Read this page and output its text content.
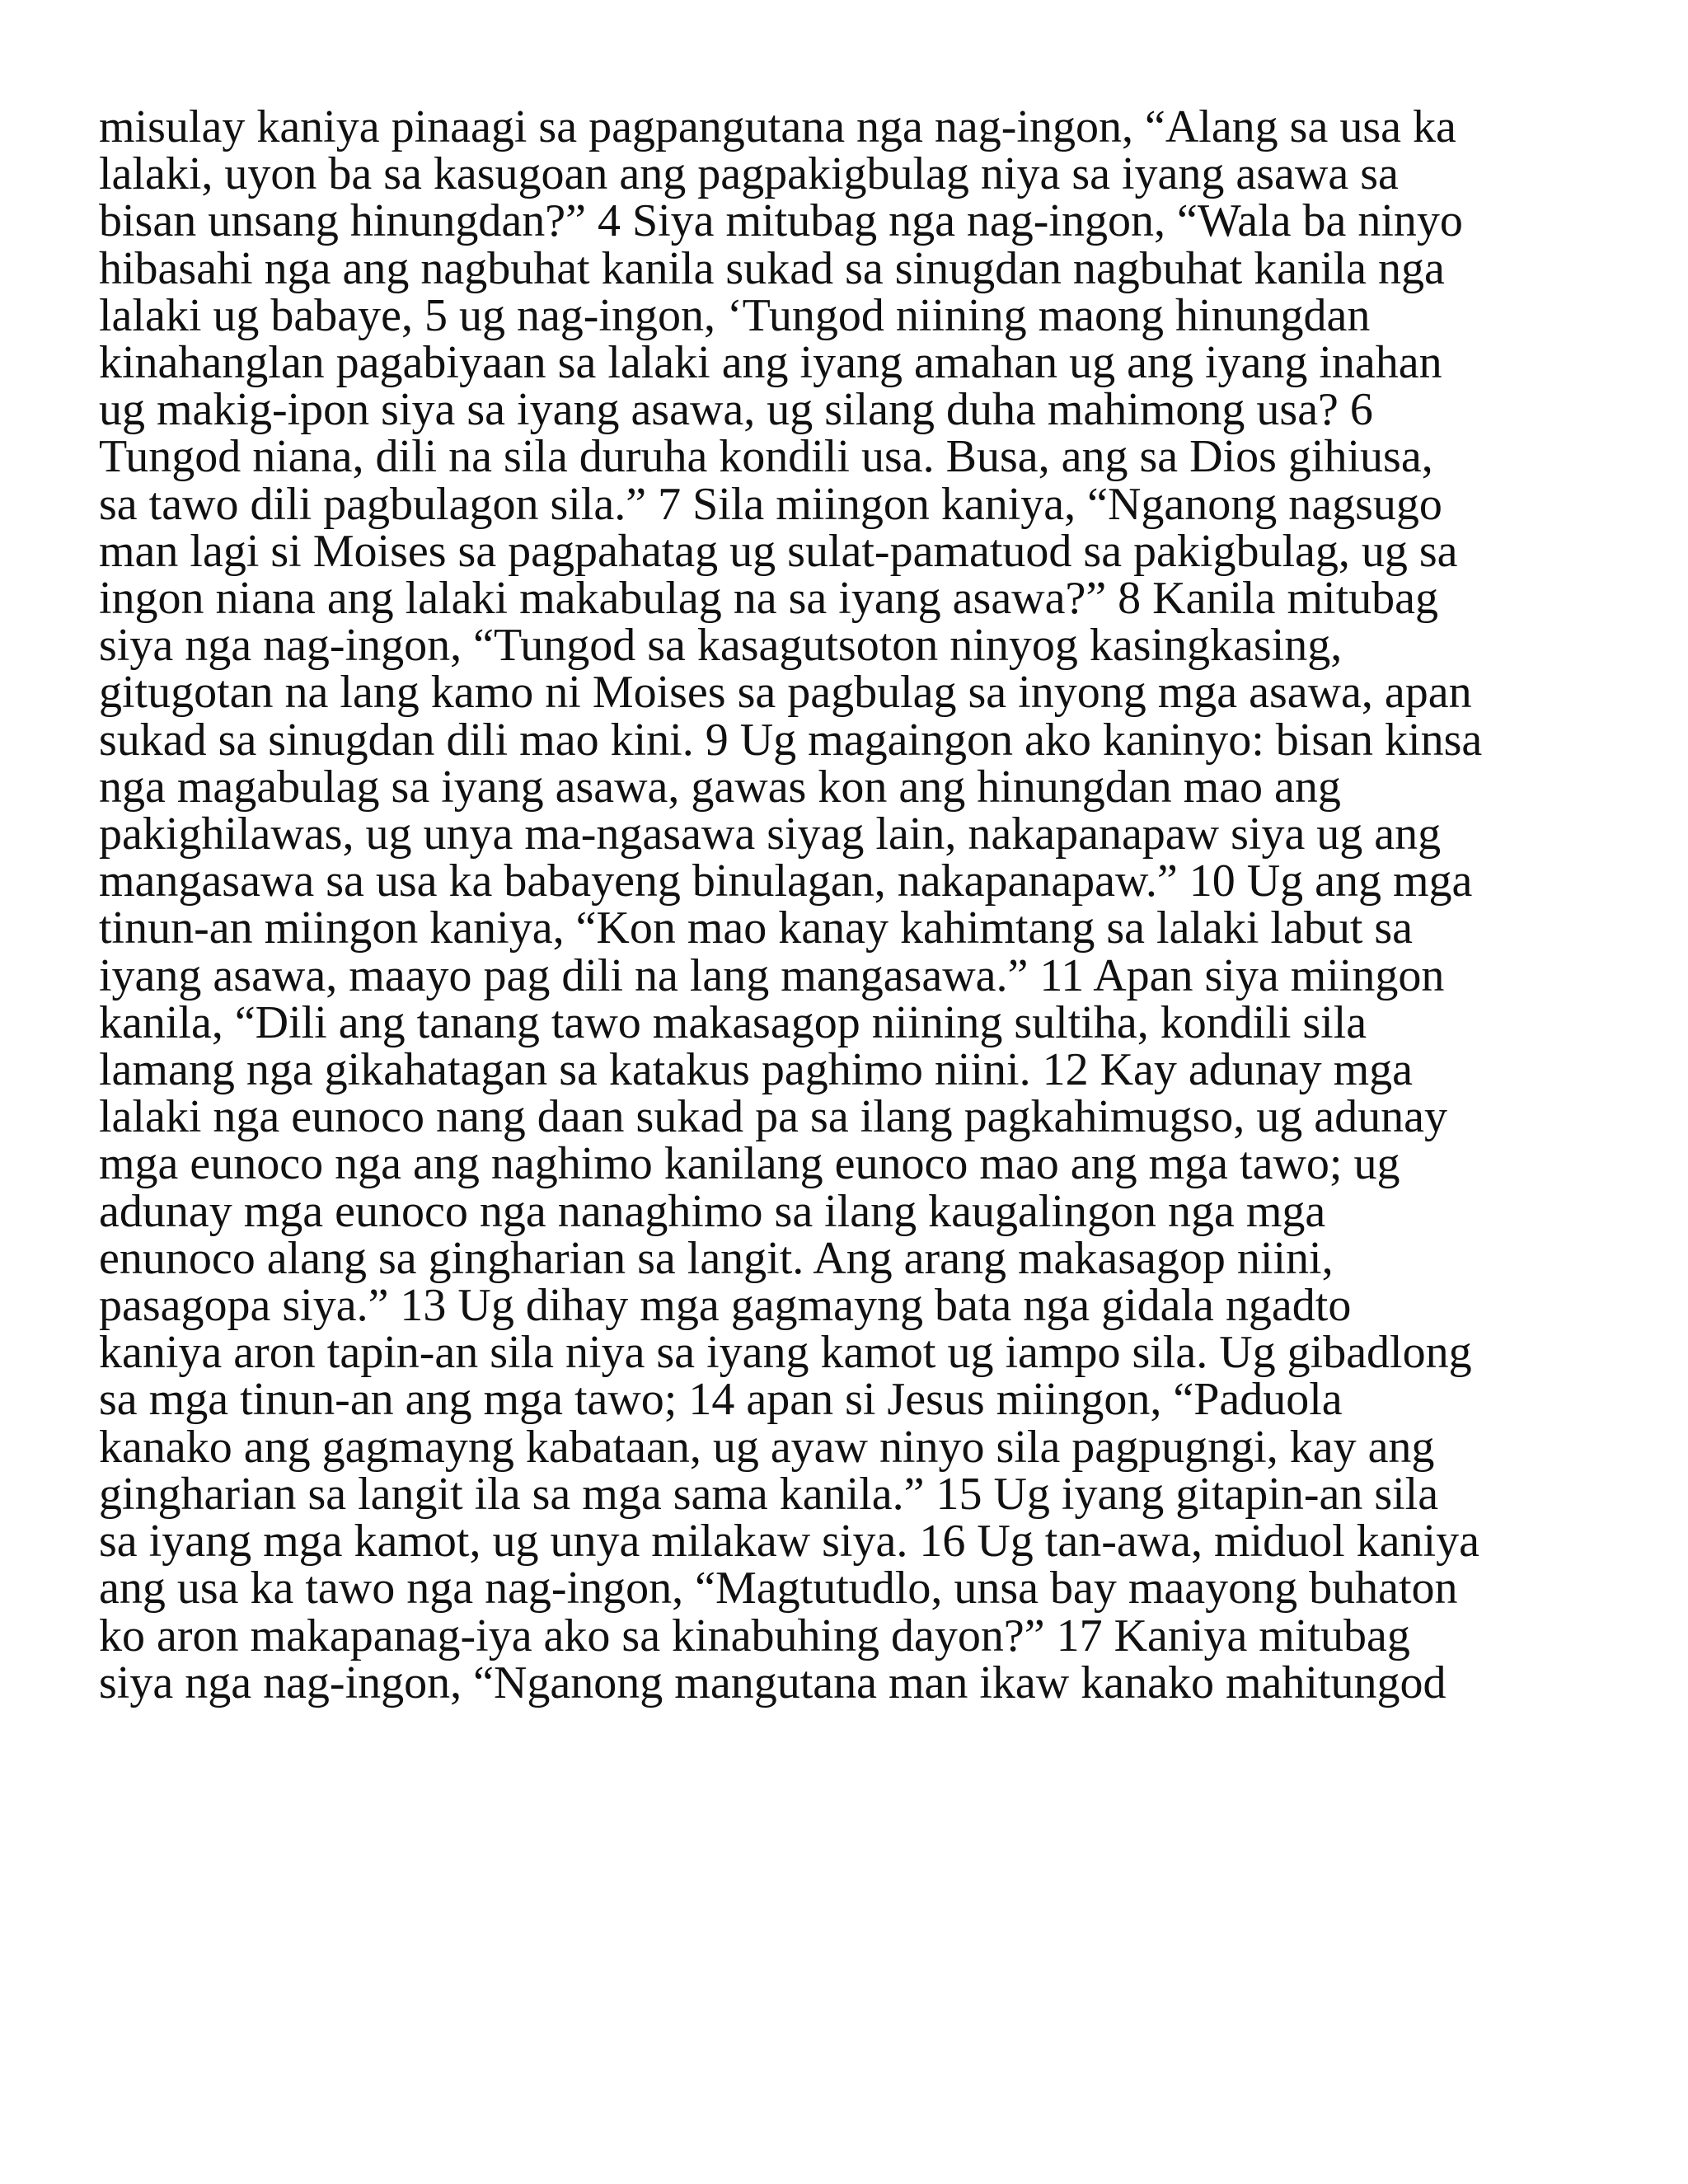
misulay kaniya pinaagi sa pagpangutana nga nag-ingon, “Alang sa usa ka
lalaki, uyon ba sa kasugoan ang pagpakigbulag niya sa iyang asawa sa
bisan unsang hinungdan?” 4 Siya mitubag nga nag-ingon, “Wala ba ninyo
hibasahi nga ang nagbuhat kanila sukad sa sinugdan nagbuhat kanila nga
lalaki ug babaye, 5 ug nag-ingon, ‘Tungod niining maong hinungdan
kinahanglan pagabiyaan sa lalaki ang iyang amahan ug ang iyang inahan
ug makig-ipon siya sa iyang asawa, ug silang duha mahimong usa? 6
Tungod niana, dili na sila duruha kondili usa. Busa, ang sa Dios gihiusa,
sa tawo dili pagbulagon sila.” 7 Sila miingon kaniya, “Nganong nagsugo
man lagi si Moises sa pagpahatag ug sulat-pamatuod sa pakigbulag, ug sa
ingon niana ang lalaki makabulag na sa iyang asawa?” 8 Kanila mitubag
siya nga nag-ingon, “Tungod sa kasagutsoton ninyog kasingkasing,
gitugotan na lang kamo ni Moises sa pagbulag sa inyong mga asawa, apan
sukad sa sinugdan dili mao kini. 9 Ug magaingon ako kaninyo: bisan kinsa
nga magabulag sa iyang asawa, gawas kon ang hinungdan mao ang
pakighilawas, ug unya ma-ngasawa siyag lain, nakapanapaw siya ug ang
mangasawa sa usa ka babayeng binulagan, nakapanapaw.” 10 Ug ang mga
tinun-an miingon kaniya, “Kon mao kanay kahimtang sa lalaki labut sa
iyang asawa, maayo pag dili na lang mangasawa.” 11 Apan siya miingon
kanila, “Dili ang tanang tawo makasagop niining sultiha, kondili sila
lamang nga gikahatagan sa katakus paghimo niini. 12 Kay adunay mga
lalaki nga eunoco nang daan sukad pa sa ilang pagkahimugso, ug adunay
mga eunoco nga ang naghimo kanilang eunoco mao ang mga tawo; ug
adunay mga eunoco nga nanaghimo sa ilang kaugalingon nga mga
enunoco alang sa gingharian sa langit. Ang arang makasagop niini,
pasagopa siya.” 13 Ug dihay mga gagmayng bata nga gidala ngadto
kaniya aron tapin-an sila niya sa iyang kamot ug iampo sila. Ug gibadlong
sa mga tinun-an ang mga tawo; 14 apan si Jesus miingon, “Paduola
kanako ang gagmayng kabataan, ug ayaw ninyo sila pagpugngi, kay ang
gingharian sa langit ila sa mga sama kanila.” 15 Ug iyang gitapin-an sila
sa iyang mga kamot, ug unya milakaw siya. 16 Ug tan-awa, miduol kaniya
ang usa ka tawo nga nag-ingon, “Magtutudlo, unsa bay maayong buhaton
ko aron makapanag-iya ako sa kinabuhing dayon?” 17 Kaniya mitubag
siya nga nag-ingon, “Nganong mangutana man ikaw kanako mahitungod
